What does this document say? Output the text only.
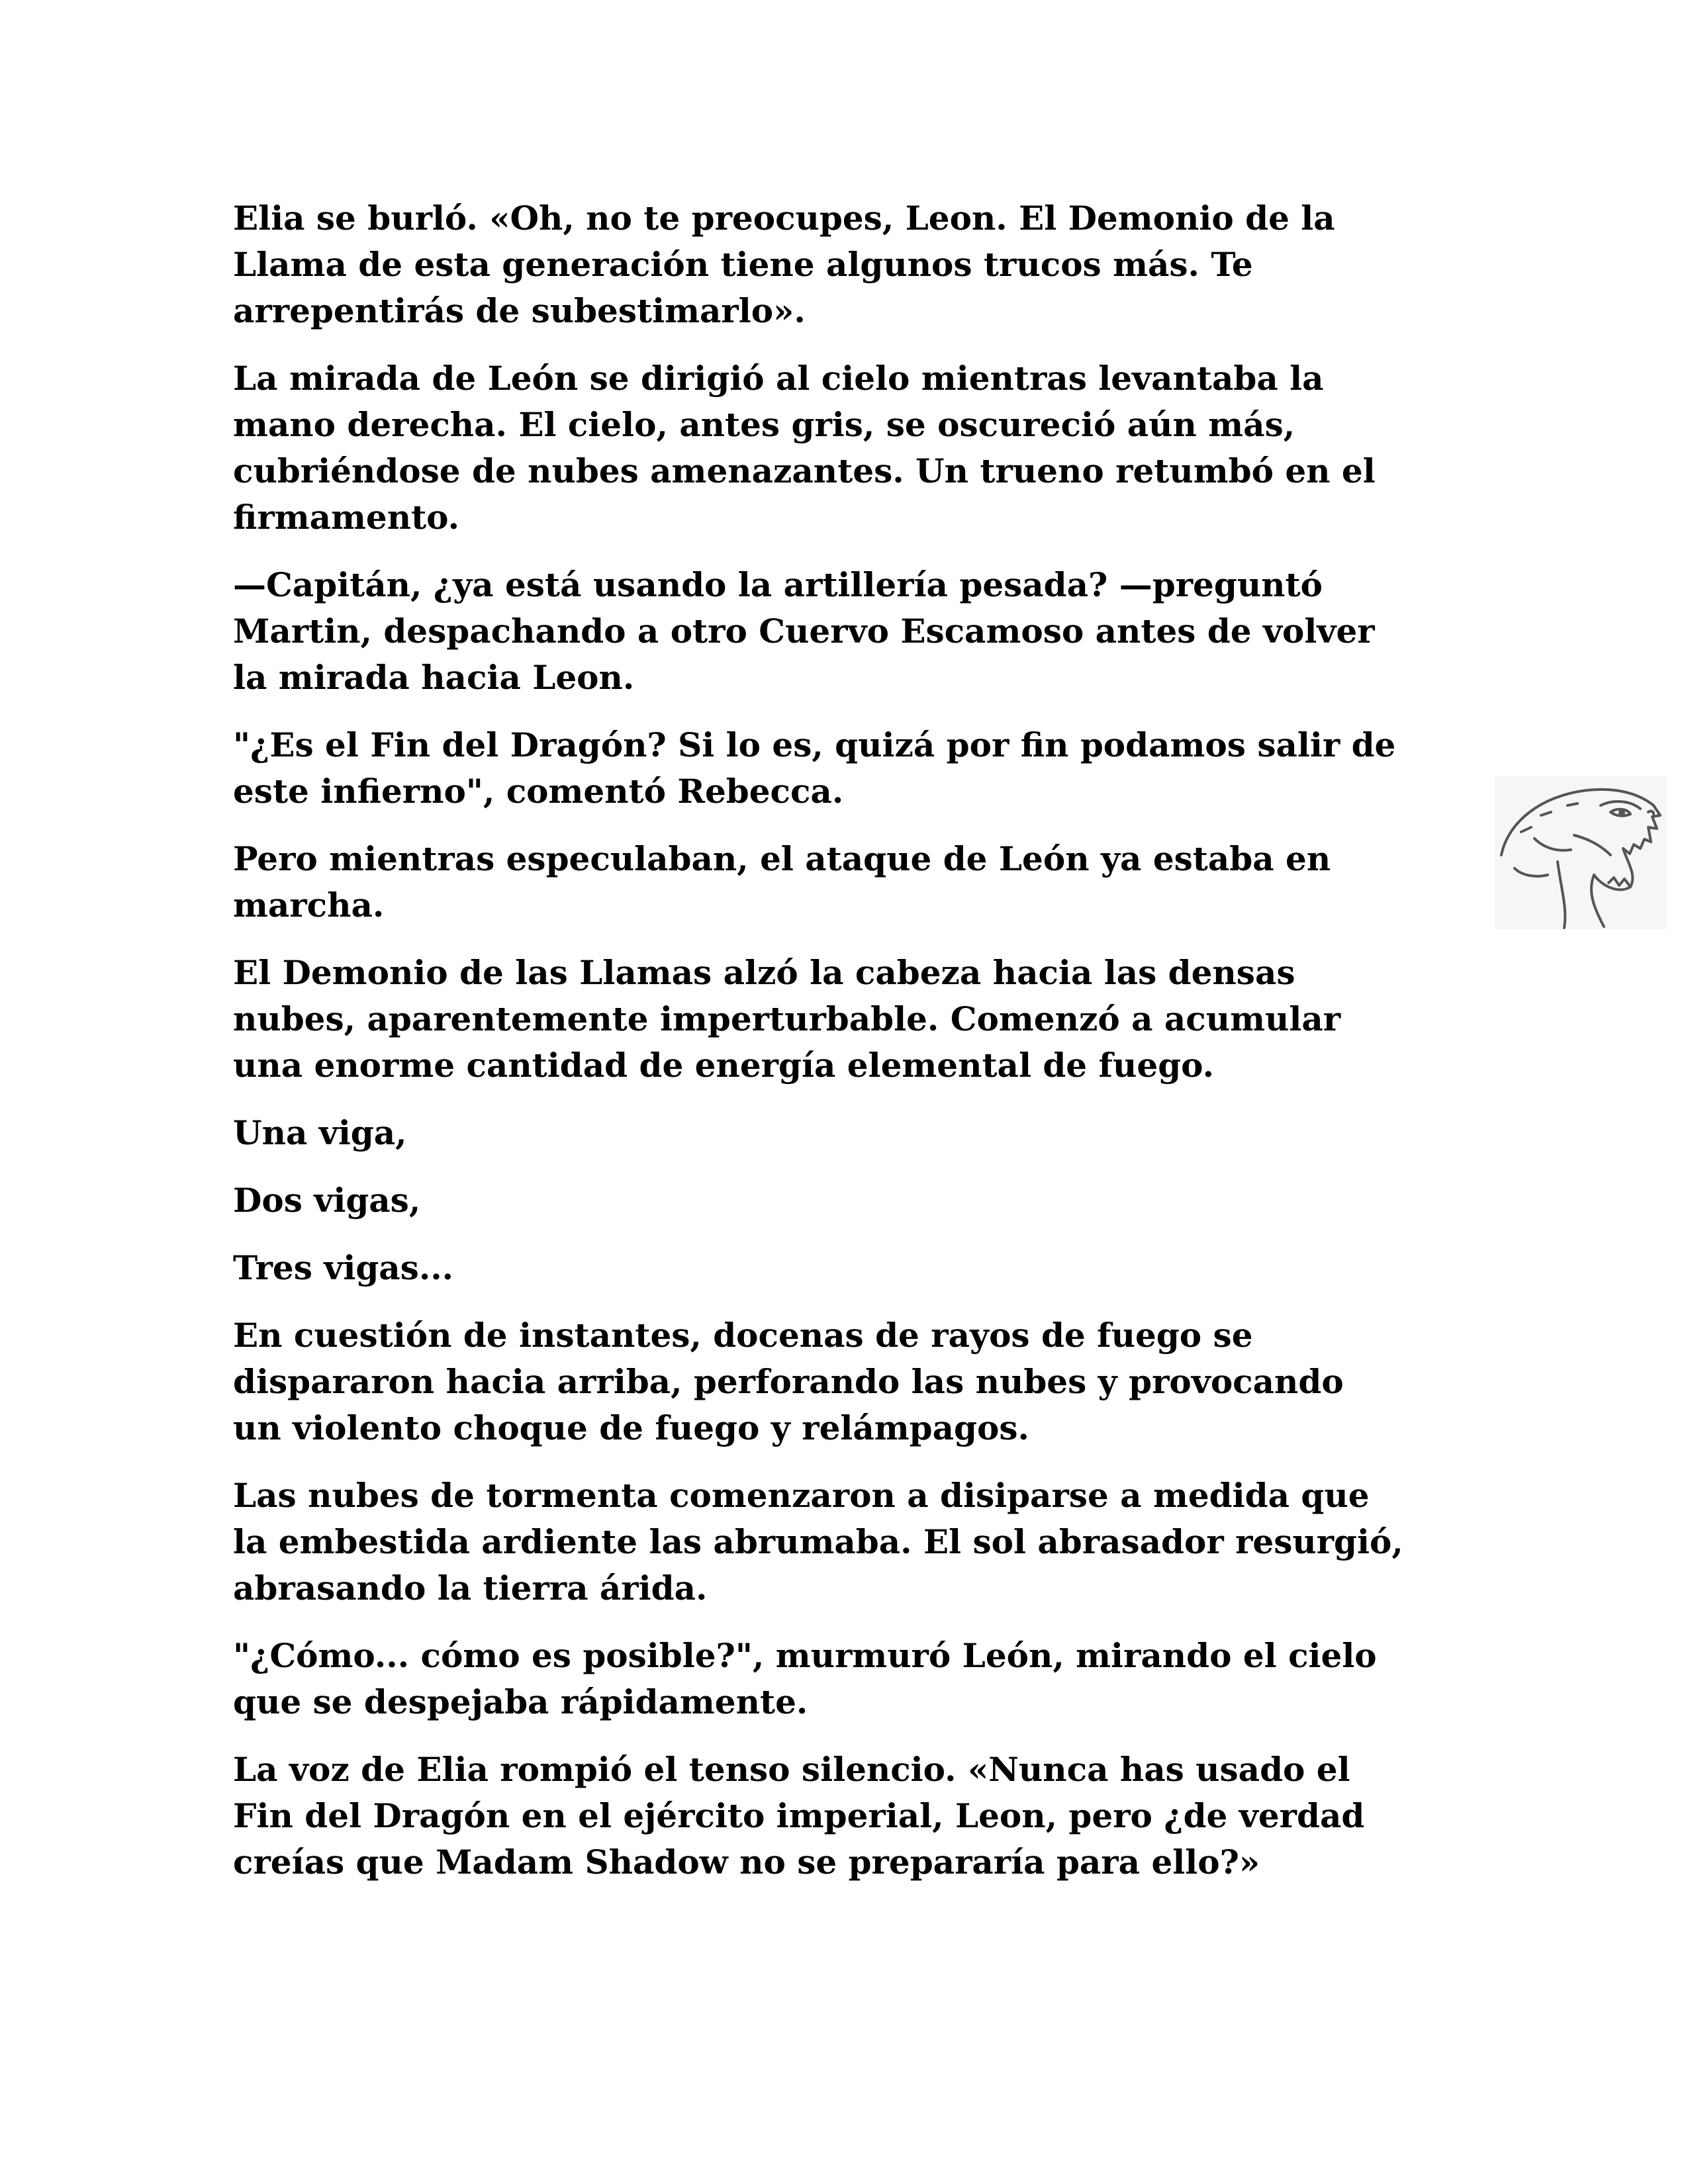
Elia se burló. «Oh, no te preocupes, Leon. El Demonio de la
Llama de esta generación tiene algunos trucos más. Te
arrepentirás de subestimarlo».

La mirada de León se dirigió al cielo mientras levantaba la
mano derecha. El cielo, antes gris, se oscureció aún más,
cubriéndose de nubes amenazantes. Un trueno retumbó en el
firmamento.

—Capitán, ¿ya está usando la artillería pesada? —preguntó
Martin, despachando a otro Cuervo Escamoso antes de volver
la mirada hacia Leon.

"¿Es el Fin del Dragón? Si lo es, quizá por fin podamos salir de
este infierno", comentó Rebecca.

Pero mientras especulaban, el ataque de León ya estaba en
marcha.

El Demonio de las Llamas alzó la cabeza hacia las densas
nubes, aparentemente imperturbable. Comenzó a acumular
una enorme cantidad de energía elemental de fuego.

Una viga,

Dos vigas,

Tres vigas...

En cuestión de instantes, docenas de rayos de fuego se
dispararon hacia arriba, perforando las nubes y provocando
un violento choque de fuego y relámpagos.

Las nubes de tormenta comenzaron a disiparse a medida que
la embestida ardiente las abrumaba. El sol abrasador resurgió,
abrasando la tierra árida.

"¿Cómo... cómo es posible?", murmuró León, mirando el cielo
que se despejaba rápidamente.

La voz de Elia rompió el tenso silencio. «Nunca has usado el
Fin del Dragón en el ejército imperial, Leon, pero ¿de verdad
creías que Madam Shadow no se prepararía para ello?»
